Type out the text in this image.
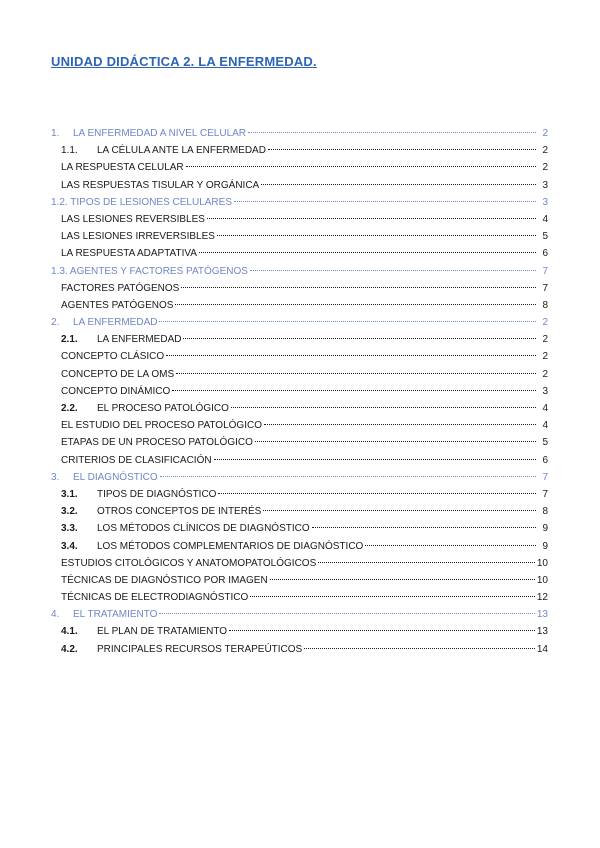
UNIDAD DIDÁCTICA 2. LA ENFERMEDAD.
1.	LA ENFERMEDAD A NIVEL CELULAR	2
1.1.	LA CÉLULA ANTE LA ENFERMEDAD	2
LA RESPUESTA CELULAR	2
LAS RESPUESTAS TISULAR Y ORGÁNICA	3
1.2. TIPOS DE LESIONES CELULARES	3
LAS LESIONES REVERSIBLES	4
LAS LESIONES IRREVERSIBLES	5
LA RESPUESTA ADAPTATIVA	6
1.3. AGENTES Y FACTORES PATÓGENOS	7
FACTORES PATÓGENOS	7
AGENTES PATÓGENOS	8
2.	LA ENFERMEDAD	2
2.1.	LA ENFERMEDAD	2
CONCEPTO CLÁSICO	2
CONCEPTO DE LA OMS	2
CONCEPTO DINÁMICO	3
2.2.	EL PROCESO PATOLÓGICO	4
EL ESTUDIO DEL PROCESO PATOLÓGICO	4
ETAPAS DE UN PROCESO PATOLÓGICO	5
CRITERIOS DE CLASIFICACIÓN	6
3.	EL DIAGNÓSTICO	7
3.1.	TIPOS DE DIAGNÓSTICO	7
3.2.	OTROS CONCEPTOS DE INTERÉS	8
3.3.	LOS MÉTODOS CLÍNICOS DE DIAGNÓSTICO	9
3.4.	LOS MÉTODOS COMPLEMENTARIOS DE DIAGNÓSTICO	9
ESTUDIOS CITOLÓGICOS Y ANATOMOPATOLÓGICOS	10
TÉCNICAS DE DIAGNÓSTICO POR IMAGEN	10
TÉCNICAS DE ELECTRODIAGNÓSTICO	12
4.	EL TRATAMIENTO	13
4.1.	EL PLAN DE TRATAMIENTO	13
4.2.	PRINCIPALES RECURSOS TERAPEÚTICOS	14
